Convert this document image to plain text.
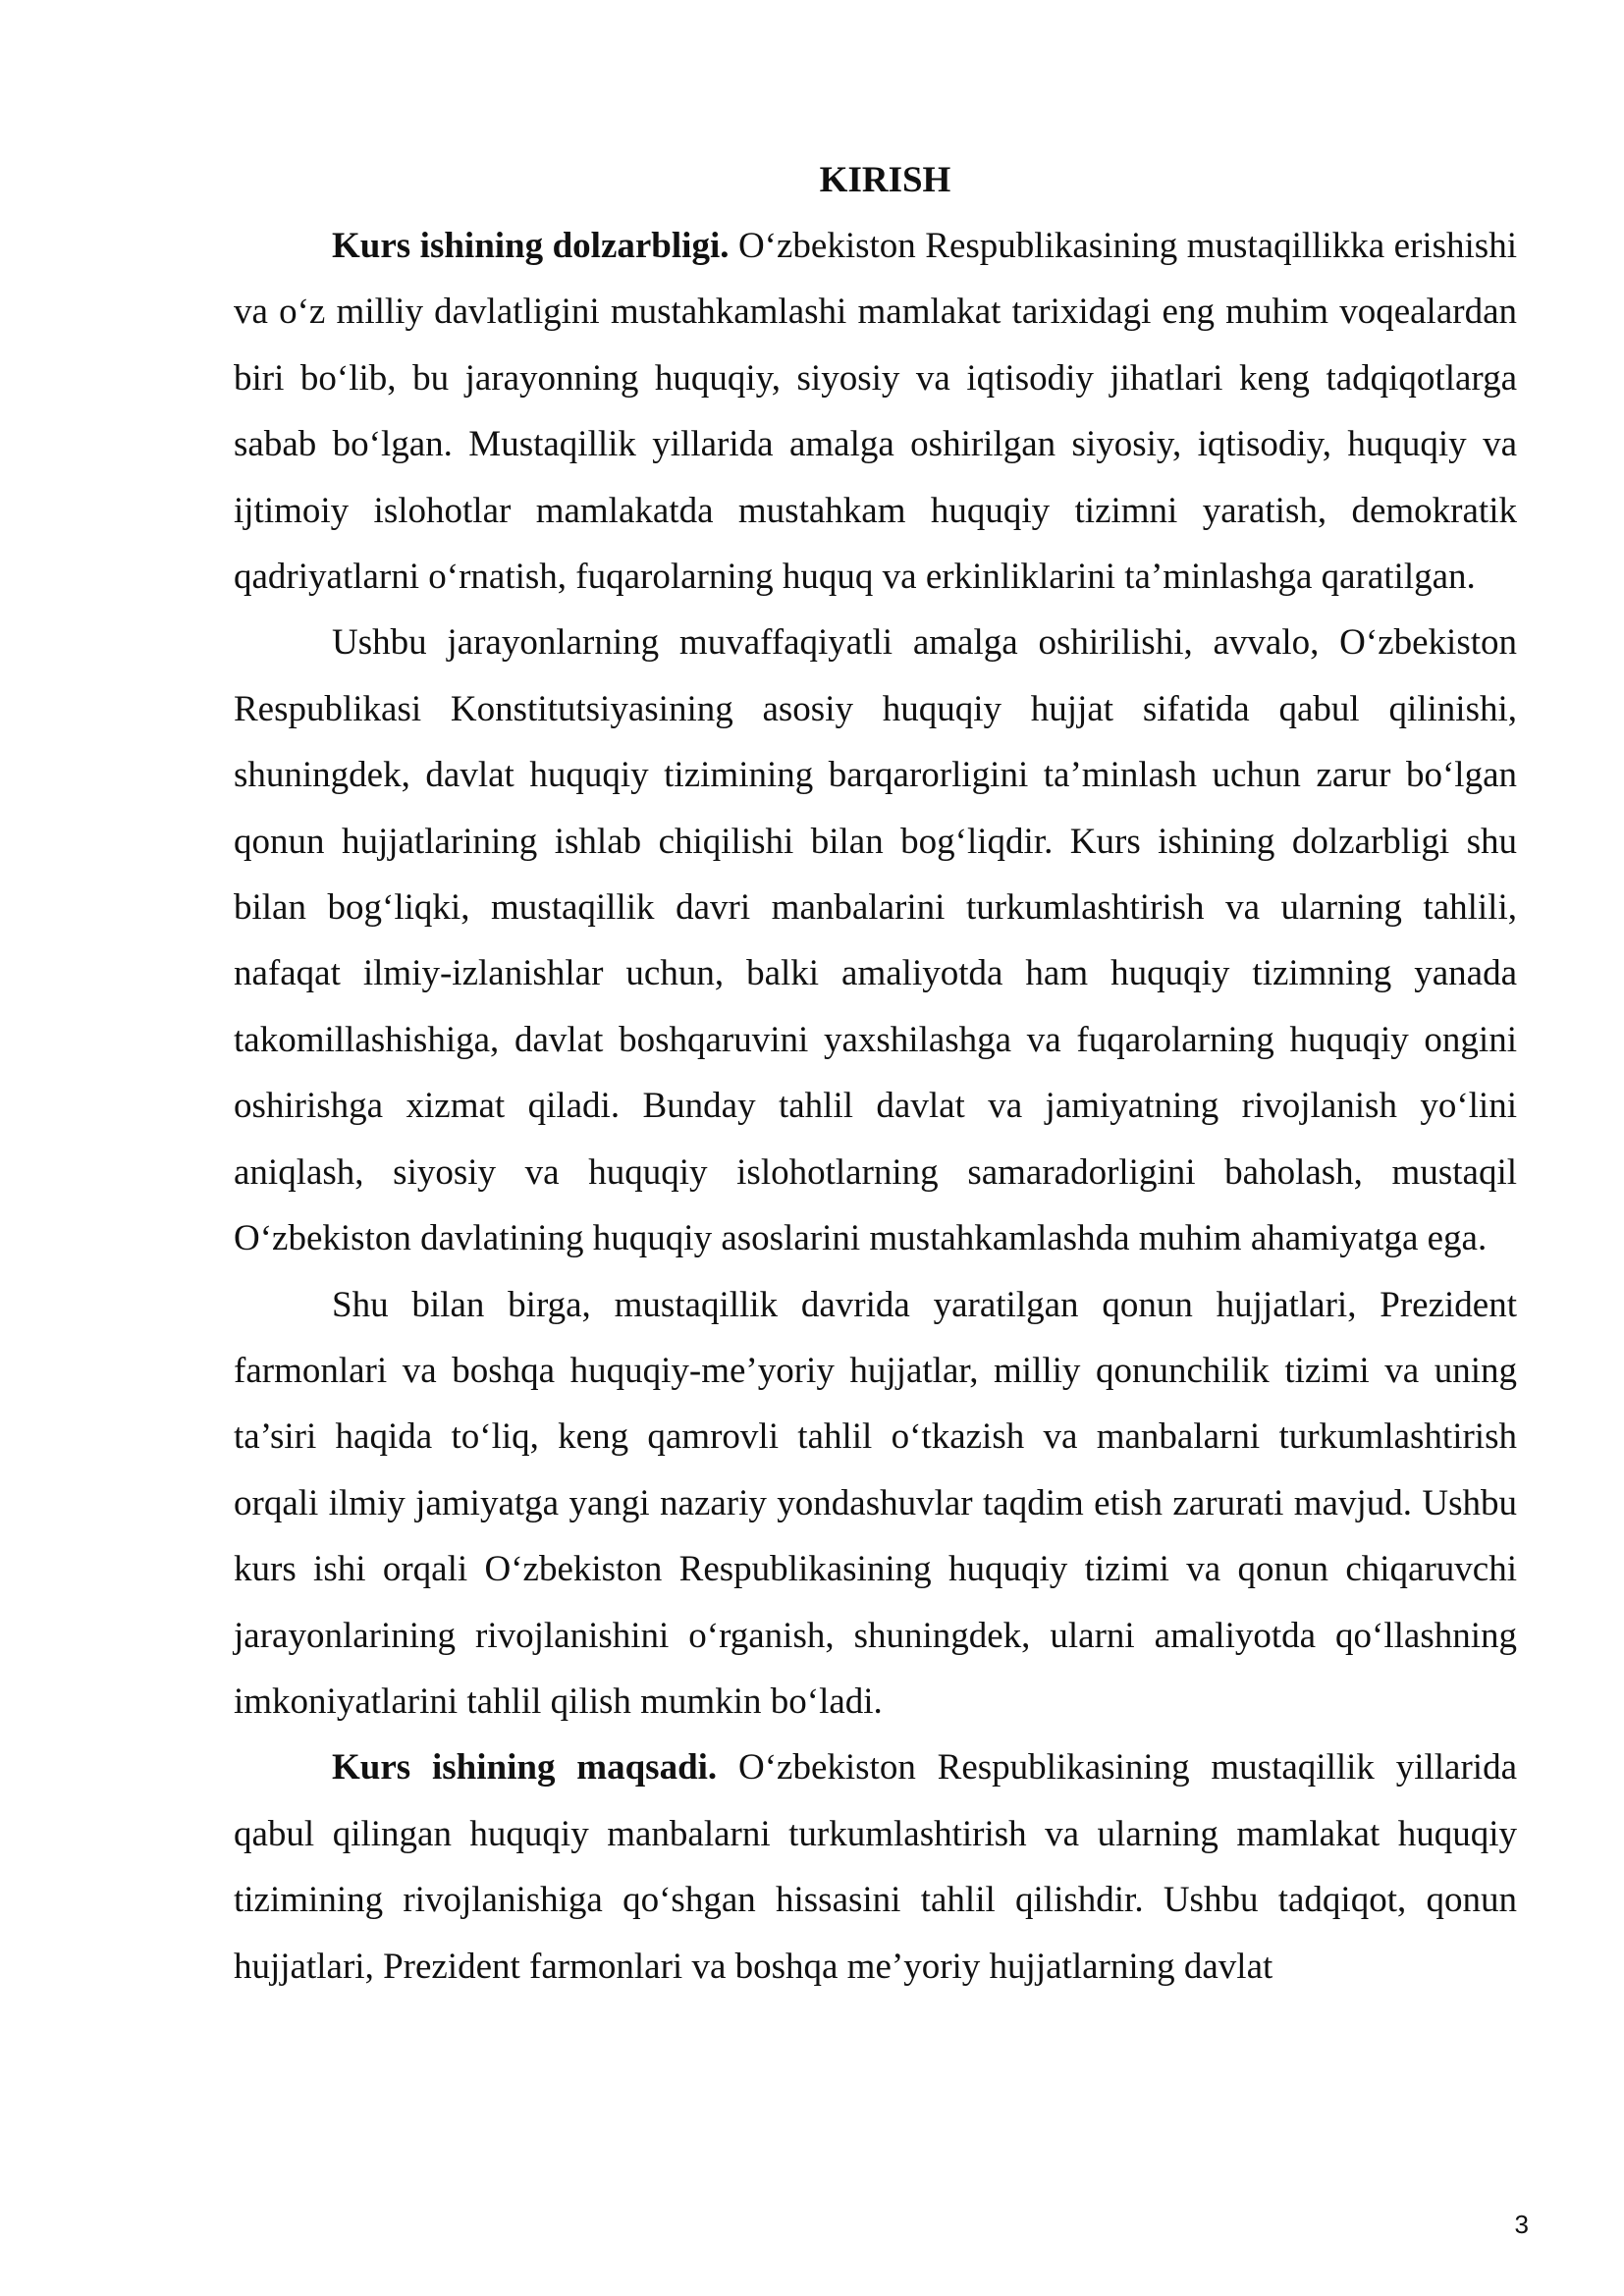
KIRISH

Kurs ishining dolzarbligi. O‘zbekiston Respublikasining mustaqillikka erishishi va o‘z milliy davlatligini mustahkamlashi mamlakat tarixidagi eng muhim voqealardan biri bo‘lib, bu jarayonning huquqiy, siyosiy va iqtisodiy jihatlari keng tadqiqotlarga sabab bo‘lgan. Mustaqillik yillarida amalga oshirilgan siyosiy, iqtisodiy, huquqiy va ijtimoiy islohotlar mamlakatda mustahkam huquqiy tizimni yaratish, demokratik qadriyatlarni o‘rnatish, fuqarolarning huquq va erkinliklarini ta’minlashga qaratilgan.

Ushbu jarayonlarning muvaffaqiyatli amalga oshirilishi, avvalo, O‘zbekiston Respublikasi Konstitutsiyasining asosiy huquqiy hujjat sifatida qabul qilinishi, shuningdek, davlat huquqiy tizimining barqarorligini ta’minlash uchun zarur bo‘lgan qonun hujjatlarining ishlab chiqilishi bilan bog‘liqdir. Kurs ishining dolzarbligi shu bilan bog‘liqki, mustaqillik davri manbalarini turkumlashtirish va ularning tahlili, nafaqat ilmiy-izlanishlar uchun, balki amaliyotda ham huquqiy tizimning yanada takomillashishiga, davlat boshqaruvini yaxshilashga va fuqarolarning huquqiy ongini oshirishga xizmat qiladi. Bunday tahlil davlat va jamiyatning rivojlanish yo‘lini aniqlash, siyosiy va huquqiy islohotlarning samaradorligini baholash, mustaqil O‘zbekiston davlatining huquqiy asoslarini mustahkamlashda muhim ahamiyatga ega.

Shu bilan birga, mustaqillik davrida yaratilgan qonun hujjatlari, Prezident farmonlari va boshqa huquqiy-me’yoriy hujjatlar, milliy qonunchilik tizimi va uning ta’siri haqida to‘liq, keng qamrovli tahlil o‘tkazish va manbalarni turkumlashtirish orqali ilmiy jamiyatga yangi nazariy yondashuvlar taqdim etish zarurati mavjud. Ushbu kurs ishi orqali O‘zbekiston Respublikasining huquqiy tizimi va qonun chiqaruvchi jarayonlarining rivojlanishini o‘rganish, shuningdek, ularni amaliyotda qo‘llashning imkoniyatlarini tahlil qilish mumkin bo‘ladi.

Kurs ishining maqsadi. O‘zbekiston Respublikasining mustaqillik yillarida qabul qilingan huquqiy manbalarni turkumlashtirish va ularning mamlakat huquqiy tizimining rivojlanishiga qo‘shgan hissasini tahlil qilishdir. Ushbu tadqiqot, qonun hujjatlari, Prezident farmonlari va boshqa me’yoriy hujjatlarning davlat

3
